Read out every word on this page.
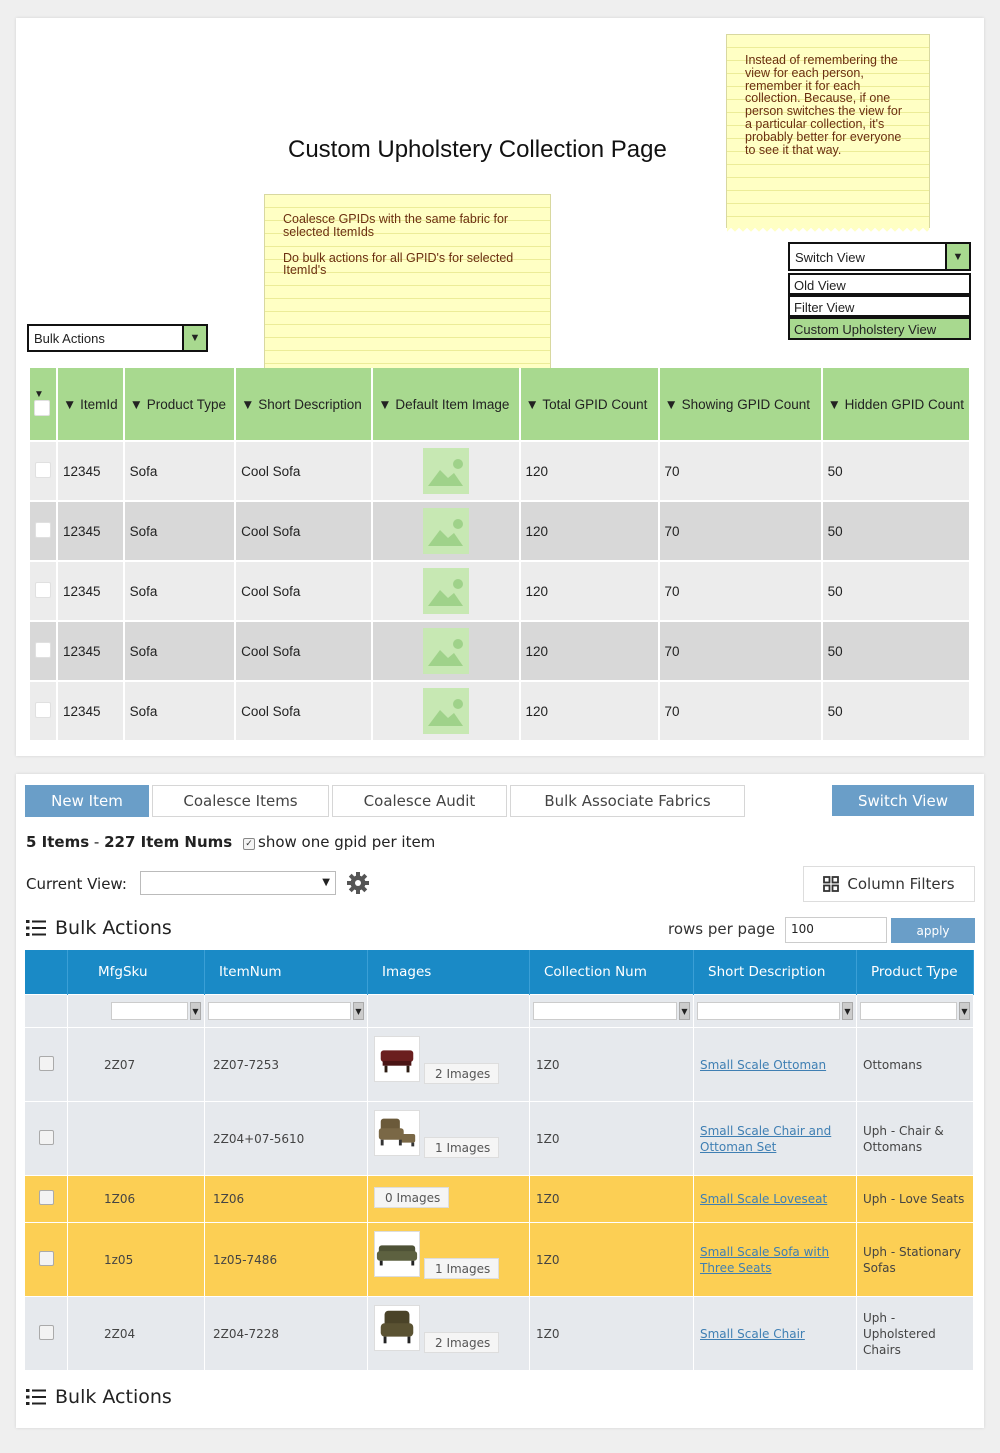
Custom Upholstery Collection Page
Instead of remembering the view for each person, remember it for each collection. Because, if one person switches the view for a particular collection, it's probably better for everyone to see it that way.

Coalesce GPIDs with the same fabric for selected ItemIds

Do bulk actions for all GPID's for selected ItemId's

Bulk Actions	▼
Switch View	▼
Old View
Filter View
Custom Upholstery View
▼	▼ ItemId	▼ Product Type	▼ Short Description	▼ Default Item Image	▼ Total GPID Count	▼ Showing GPID Count	▼ Hidden GPID Count
	12345	Sofa	Cool Sofa		120	70	50
	12345	Sofa	Cool Sofa		120	70	50
	12345	Sofa	Cool Sofa		120	70	50
	12345	Sofa	Cool Sofa		120	70	50
	12345	Sofa	Cool Sofa		120	70	50
New Item	Coalesce Items	Coalesce Audit	Bulk Associate Fabrics	Switch View
5 Items - 227 Item Nums ✓ show one gpid per item
Current View:	▼	Column Filters
Bulk Actions	rows per page	100	apply
	MfgSku	ItemNum	Images	Collection Num	Short Description	Product Type

▼	▼		▼	▼	▼

	2Z07	2Z07-7253	2 Images	1Z0	Small Scale Ottoman	Ottomans
		2Z04+07-5610	1 Images	1Z0	Small Scale Chair and
Ottoman Set	Uph - Chair & Ottomans
	1Z06	1Z06	0 Images	1Z0	Small Scale Loveseat	Uph - Love Seats
	1z05	1z05-7486	1 Images	1Z0	Small Scale Sofa with
Three Seats	Uph - Stationary Sofas
	2Z04	2Z04-7228	2 Images	1Z0	Small Scale Chair	Uph - Upholstered
Chairs
Bulk Actions
